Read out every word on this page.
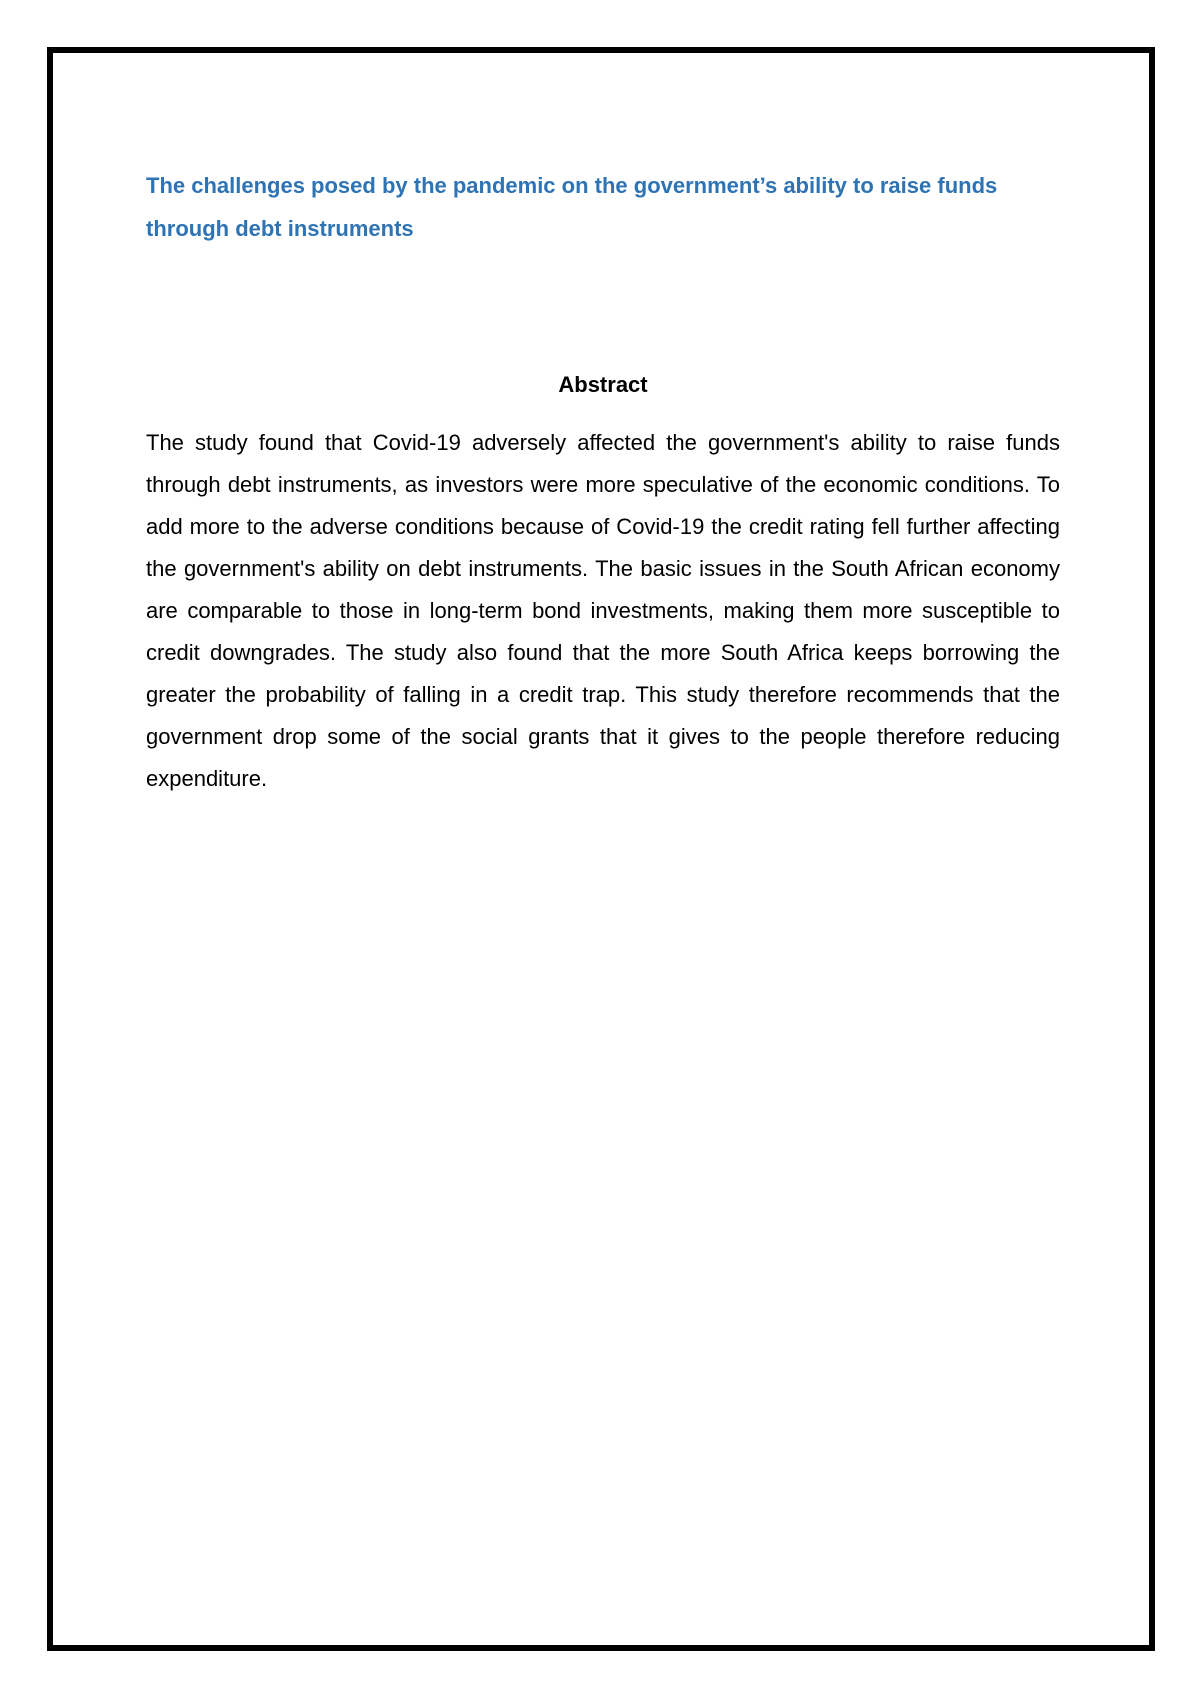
The challenges posed by the pandemic on the government’s ability to raise funds through debt instruments
Abstract

The study found that Covid-19 adversely affected the government's ability to raise funds through debt instruments, as investors were more speculative of the economic conditions. To add more to the adverse conditions because of Covid-19 the credit rating fell further affecting the government's ability on debt instruments. The basic issues in the South African economy are comparable to those in long-term bond investments, making them more susceptible to credit downgrades. The study also found that the more South Africa keeps borrowing the greater the probability of falling in a credit trap. This study therefore recommends that the government drop some of the social grants that it gives to the people therefore reducing expenditure.
